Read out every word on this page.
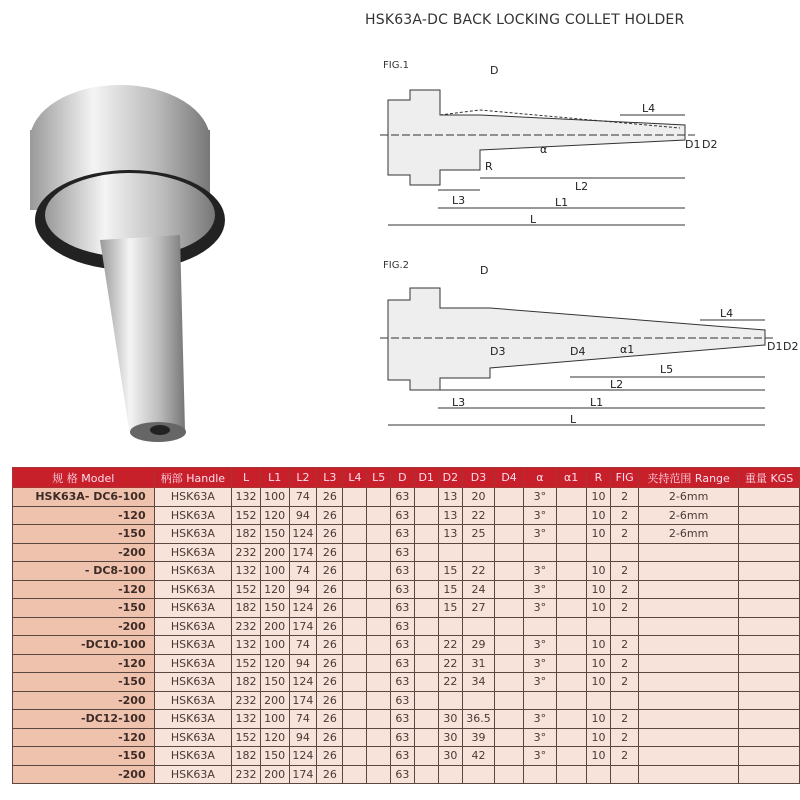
HSK63A-DC BACK LOCKING COLLET HOLDER
FIG.1	D
L4
D1 D2
α
R
L2
L3	L1
L
FIG.2	D
L4
D3	D4	α1	D1 D2
L5
L2
L3	L1
L
规 格 Model	柄部 Handle	L	L1	L2	L3	L4	L5	D	D1	D2	D3	D4	α	α1	R	FIG	夹持范围 Range	重量 KGS
HSK63A- DC6-100	HSK63A	132	100	74	26			63		13	20		3°		10	2	2-6mm	
-120	HSK63A	152	120	94	26			63		13	22		3°		10	2	2-6mm	
-150	HSK63A	182	150	124	26			63		13	25		3°		10	2	2-6mm	
-200	HSK63A	232	200	174	26			63										
- DC8-100	HSK63A	132	100	74	26			63		15	22		3°		10	2		
-120	HSK63A	152	120	94	26			63		15	24		3°		10	2		
-150	HSK63A	182	150	124	26			63		15	27		3°		10	2		
-200	HSK63A	232	200	174	26			63										
-DC10-100	HSK63A	132	100	74	26			63		22	29		3°		10	2		
-120	HSK63A	152	120	94	26			63		22	31		3°		10	2		
-150	HSK63A	182	150	124	26			63		22	34		3°		10	2		
-200	HSK63A	232	200	174	26			63										
-DC12-100	HSK63A	132	100	74	26			63		30	36.5		3°		10	2		
-120	HSK63A	152	120	94	26			63		30	39		3°		10	2		
-150	HSK63A	182	150	124	26			63		30	42		3°		10	2		
-200	HSK63A	232	200	174	26			63										
